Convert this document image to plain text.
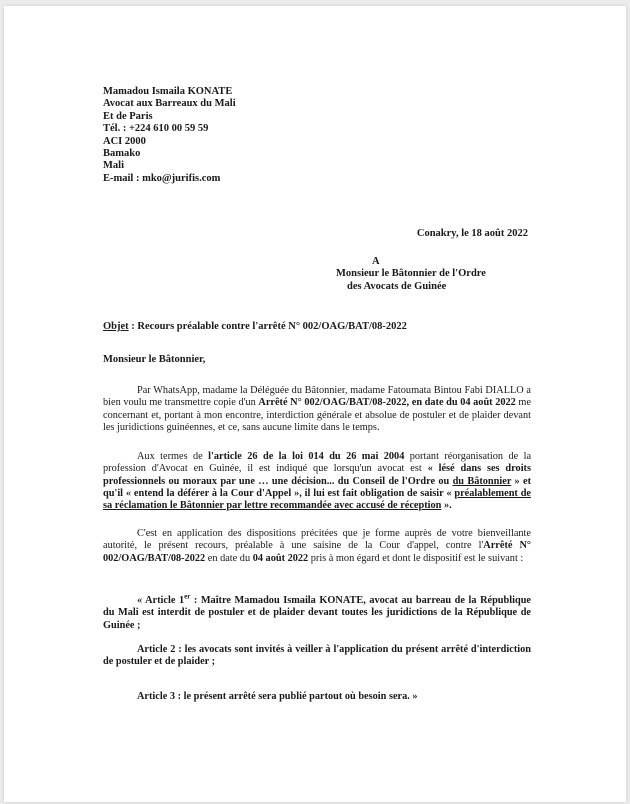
Mamadou Ismaila KONATE
Avocat aux Barreaux du Mali
Et de Paris
Tél. : +224 610 00 59 59
ACI 2000
Bamako
Mali
E-mail : mko@jurifis.com
Conakry, le 18 août 2022
A
Monsieur le Bâtonnier de l'Ordre
des Avocats de Guinée
Objet : Recours préalable contre l'arrêté N° 002/OAG/BAT/08-2022
Monsieur le Bâtonnier,
Par WhatsApp, madame la Déléguée du Bâtonnier, madame Fatoumata Bintou Fabi DIALLO a bien voulu me transmettre copie d'un Arrêté N° 002/OAG/BAT/08-2022, en date du 04 août 2022 me concernant et, portant à mon encontre, interdiction générale et absolue de postuler et de plaider devant les juridictions guinéennes, et ce, sans aucune limite dans le temps.
Aux termes de l'article 26 de la loi 014 du 26 mai 2004 portant réorganisation de la profession d'Avocat en Guinée, il est indiqué que lorsqu'un avocat est « lésé dans ses droits professionnels ou moraux par une … une décision... du Conseil de l'Ordre ou du Bâtonnier » et qu'il « entend la déférer à la Cour d'Appel », il lui est fait obligation de saisir « préalablement de sa réclamation le Bâtonnier par lettre recommandée avec accusé de réception ».
C'est en application des dispositions précitées que je forme auprès de votre bienveillante autorité, le présent recours, préalable à une saisine de la Cour d'appel, contre l'Arrêté N° 002/OAG/BAT/08-2022 en date du 04 août 2022 pris à mon égard et dont le dispositif est le suivant :
« Article 1er : Maître Mamadou Ismaila KONATE, avocat au barreau de la République du Mali est interdit de postuler et de plaider devant toutes les juridictions de la République de Guinée ;
Article 2 : les avocats sont invités à veiller à l'application du présent arrêté d'interdiction de postuler et de plaider ;
Article 3 : le présent arrêté sera publié partout où besoin sera. »
